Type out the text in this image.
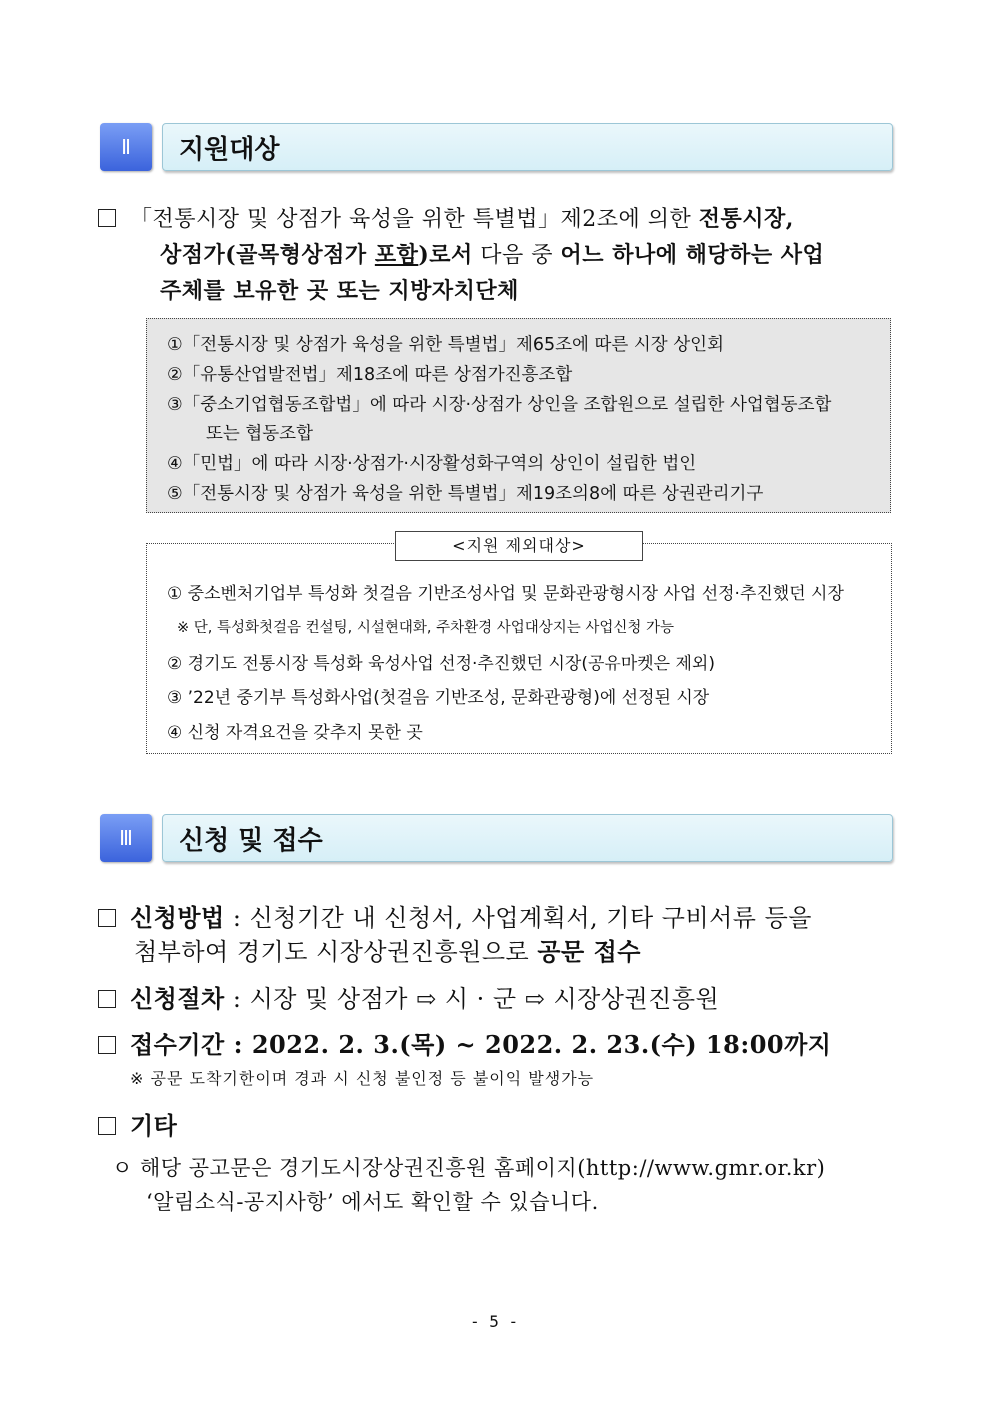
Ⅱ	지원대상
「전통시장 및 상점가 육성을 위한 특별법」제2조에 의한 전통시장,
상점가(골목형상점가 포함)로서 다음 중 어느 하나에 해당하는 사업
주체를 보유한 곳 또는 지방자치단체
①「전통시장 및 상점가 육성을 위한 특별법」제65조에 따른 시장 상인회
②「유통산업발전법」제18조에 따른 상점가진흥조합
③「중소기업협동조합법」에 따라 시장·상점가 상인을 조합원으로 설립한 사업협동조합
또는 협동조합
④「민법」에 따라 시장·상점가·시장활성화구역의 상인이 설립한 법인
⑤「전통시장 및 상점가 육성을 위한 특별법」제19조의8에 따른 상권관리기구
<지원 제외대상>
① 중소벤처기업부 특성화 첫걸음 기반조성사업 및 문화관광형시장 사업 선정·추진했던 시장
※ 단, 특성화첫걸음 컨설팅, 시설현대화, 주차환경 사업대상지는 사업신청 가능
② 경기도 전통시장 특성화 육성사업 선정·추진했던 시장(공유마켓은 제외)
③ ’22년 중기부 특성화사업(첫걸음 기반조성, 문화관광형)에 선정된 시장
④ 신청 자격요건을 갖추지 못한 곳
Ⅲ	신청 및 접수
신청방법 : 신청기간 내 신청서, 사업계획서, 기타 구비서류 등을
첨부하여 경기도 시장상권진흥원으로 공문 접수
신청절차 : 시장 및 상점가 ⇨ 시 · 군 ⇨ 시장상권진흥원
접수기간 : 2022. 2. 3.(목) ~ 2022. 2. 23.(수) 18:00까지
※ 공문 도착기한이며 경과 시 신청 불인정 등 불이익 발생가능
기타
ㅇ 해당 공고문은 경기도시장상권진흥원 홈페이지(http://www.gmr.or.kr)
‘알림소식-공지사항’ 에서도 확인할 수 있습니다.
- 5 -
